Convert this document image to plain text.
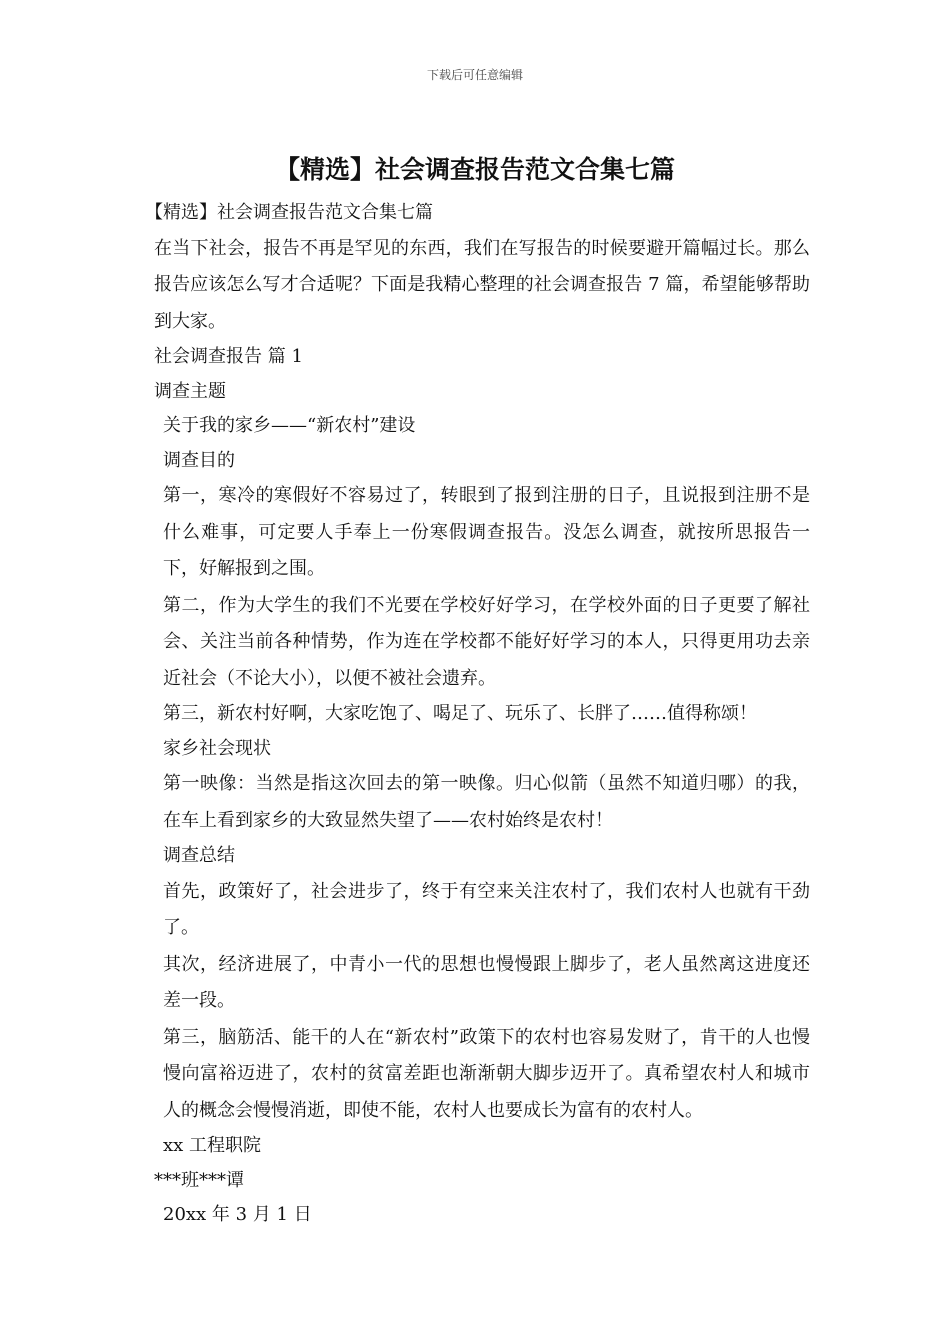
下载后可任意编辑
【精选】社会调查报告范文合集七篇

【精选】社会调查报告范文合集七篇

在当下社会，报告不再是罕见的东西，我们在写报告的时候要避开篇幅过长。那么报告应该怎么写才合适呢？下面是我精心整理的社会调查报告 7 篇，希望能够帮助到大家。

社会调查报告 篇 1

调查主题

关于我的家乡——“新农村”建设

调查目的

第一，寒冷的寒假好不容易过了，转眼到了报到注册的日子，且说报到注册不是什么难事，可定要人手奉上一份寒假调查报告。没怎么调查，就按所思报告一下，好解报到之围。

第二，作为大学生的我们不光要在学校好好学习，在学校外面的日子更要了解社会、关注当前各种情势，作为连在学校都不能好好学习的本人，只得更用功去亲近社会（不论大小），以便不被社会遗弃。

第三，新农村好啊，大家吃饱了、喝足了、玩乐了、长胖了……值得称颂！

家乡社会现状

第一映像：当然是指这次回去的第一映像。归心似箭（虽然不知道归哪）的我，在车上看到家乡的大致显然失望了——农村始终是农村！

调查总结

首先，政策好了，社会进步了，终于有空来关注农村了，我们农村人也就有干劲了。

其次，经济进展了，中青小一代的思想也慢慢跟上脚步了，老人虽然离这进度还差一段。

第三，脑筋活、能干的人在“新农村”政策下的农村也容易发财了，肯干的人也慢慢向富裕迈进了，农村的贫富差距也渐渐朝大脚步迈开了。真希望农村人和城市人的概念会慢慢消逝，即使不能，农村人也要成长为富有的农村人。

xx 工程职院

***班***谭

20xx 年 3 月 1 日
